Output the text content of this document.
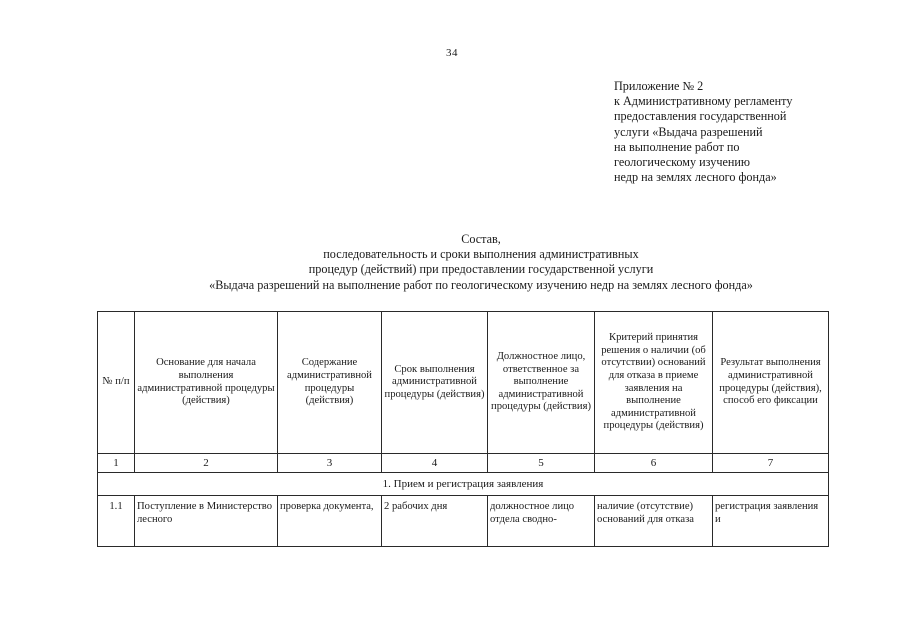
34
Приложение № 2
к Административному регламенту
предоставления государственной
услуги «Выдача разрешений
на выполнение работ по
геологическому изучению
недр на землях лесного фонда»
Состав,
последовательность и сроки выполнения административных
процедур (действий) при предоставлении государственной услуги
«Выдача разрешений на выполнение работ по геологическому изучению недр на землях лесного фонда»
№ п/п	Основание для начала выполнения административной процедуры (действия)	Содержание административной процедуры (действия)	Срок выполнения административной процедуры (действия)	Должностное лицо, ответственное за выполнение административной процедуры (действия)	Критерий принятия решения о наличии (об отсутствии) оснований для отказа в приеме заявления на выполнение административной процедуры (действия)	Результат выполнения административной процедуры (действия), способ его фиксации
1	2	3	4	5	6	7
1. Прием и регистрация заявления						
1.1	Поступление в Министерство лесного	проверка документа,	2 рабочих дня	должностное лицо отдела сводно-	наличие (отсутствие) оснований для отказа	регистрация заявления и
